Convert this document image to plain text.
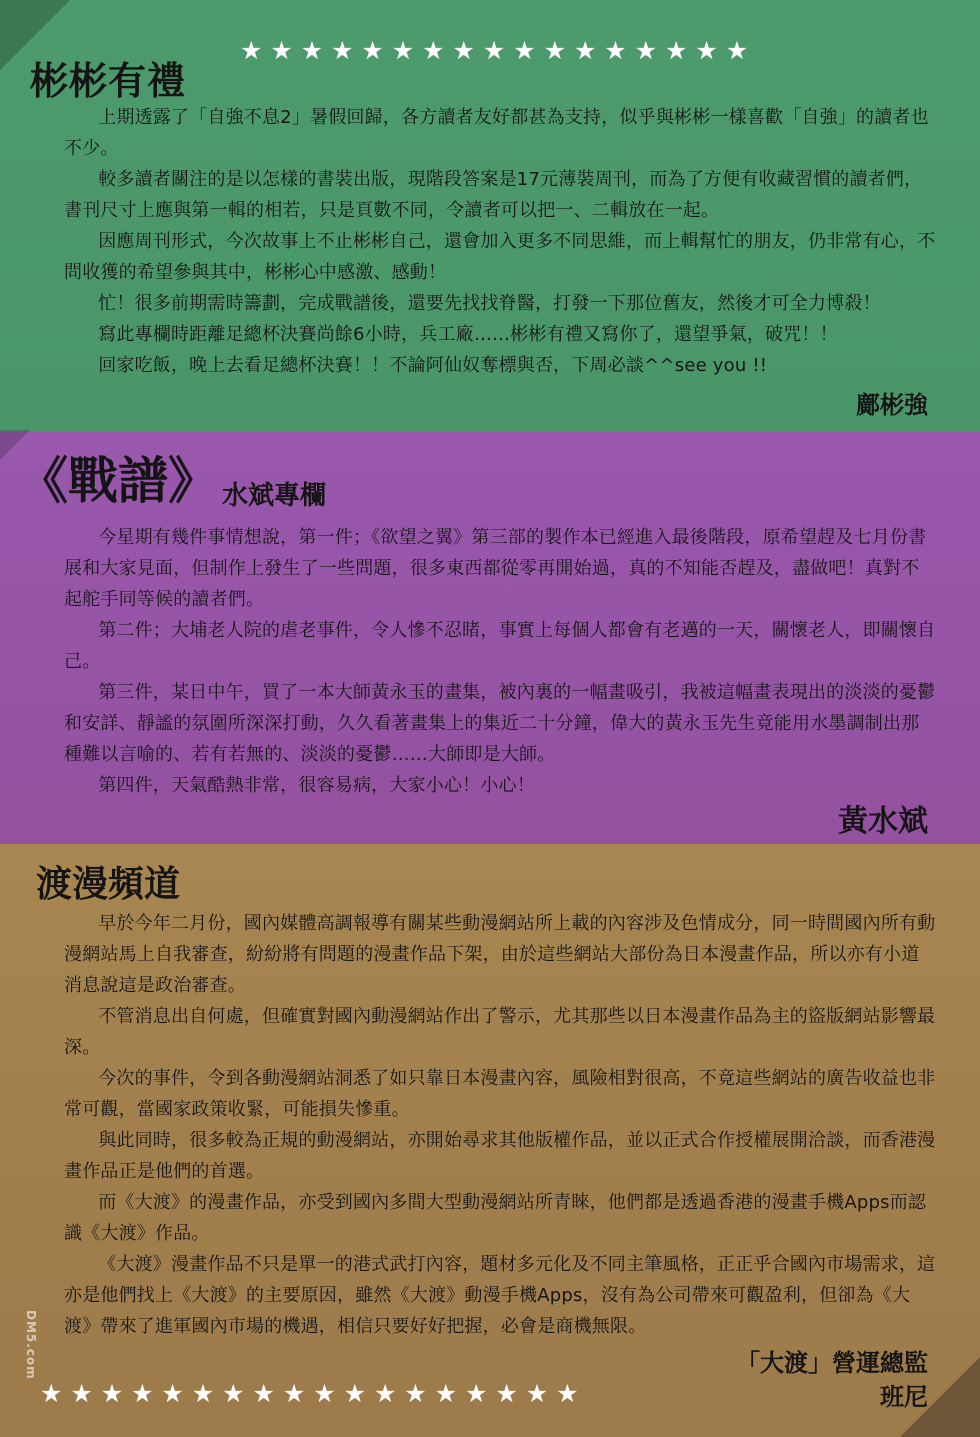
★ ★ ★ ★ ★ ★ ★ ★ ★ ★ ★ ★ ★ ★ ★ ★ ★
彬彬有禮

上期透露了「自強不息2」暑假回歸，各方讀者友好都甚為支持，似乎與彬彬一樣喜歡「自強」的讀者也不少。

較多讀者關注的是以怎樣的書裝出版，現階段答案是17元薄裝周刊，而為了方便有收藏習慣的讀者們，書刊尺寸上應與第一輯的相若，只是頁數不同，令讀者可以把一、二輯放在一起。

因應周刊形式，今次故事上不止彬彬自己，還會加入更多不同思維，而上輯幫忙的朋友，仍非常有心，不問收獲的希望參與其中，彬彬心中感激、感動！

忙！很多前期需時籌劃，完成戰譜後，還要先找找脊醫，打發一下那位舊友，然後才可全力博殺！

寫此專欄時距離足總杯決賽尚餘6小時，兵工廠……彬彬有禮又寫你了，還望爭氣，破咒！！

回家吃飯，晚上去看足總杯決賽！！不論阿仙奴奪標與否，下周必談^^see you !!

鄺彬強
《戰譜》 $_{水斌專欄}$

今星期有幾件事情想說，第一件；《欲望之翼》第三部的製作本已經進入最後階段，原希望趕及七月份書展和大家見面，但制作上發生了一些問題，很多東西都從零再開始過，真的不知能否趕及，盡做吧！真對不起舵手同等候的讀者們。

第二件；大埔老人院的虐老事件，令人慘不忍睹，事實上每個人都會有老邁的一天，關懷老人，即關懷自己。

第三件，某日中午，買了一本大師黃永玉的畫集，被內裏的一幅畫吸引，我被這幅畫表現出的淡淡的憂鬱和安詳、靜謐的氛圍所深深打動，久久看著畫集上的集近二十分鐘，偉大的黃永玉先生竟能用水墨調制出那種難以言喻的、若有若無的、淡淡的憂鬱……大師即是大師。

第四件，天氣酷熱非常，很容易病，大家小心！小心！

黃水斌
渡漫頻道

早於今年二月份，國內媒體高調報導有關某些動漫網站所上載的內容涉及色情成分，同一時間國內所有動漫網站馬上自我審查，紛紛將有問題的漫畫作品下架，由於這些網站大部份為日本漫畫作品，所以亦有小道消息說這是政治審查。

不管消息出自何處，但確實對國內動漫網站作出了警示，尤其那些以日本漫畫作品為主的盜版網站影響最深。

今次的事件，令到各動漫網站洞悉了如只靠日本漫畫內容，風險相對很高，不竟這些網站的廣告收益也非常可觀，當國家政策收緊，可能損失慘重。

與此同時，很多較為正規的動漫網站，亦開始尋求其他版權作品，並以正式合作授權展開洽談，而香港漫畫作品正是他們的首選。

而《大渡》的漫畫作品，亦受到國內多間大型動漫網站所青睞，他們都是透過香港的漫畫手機Apps而認識《大渡》作品。

《大渡》漫畫作品不只是單一的港式武打內容，題材多元化及不同主筆風格，正正乎合國內市場需求，這亦是他們找上《大渡》的主要原因，雖然《大渡》動漫手機Apps，沒有為公司帶來可觀盈利，但卻為《大渡》帶來了進軍國內市場的機遇，相信只要好好把握，必會是商機無限。

「大渡」營運總監
班尼
★ ★ ★ ★ ★ ★ ★ ★ ★ ★ ★ ★ ★ ★ ★ ★ ★ ★
DM5.com
